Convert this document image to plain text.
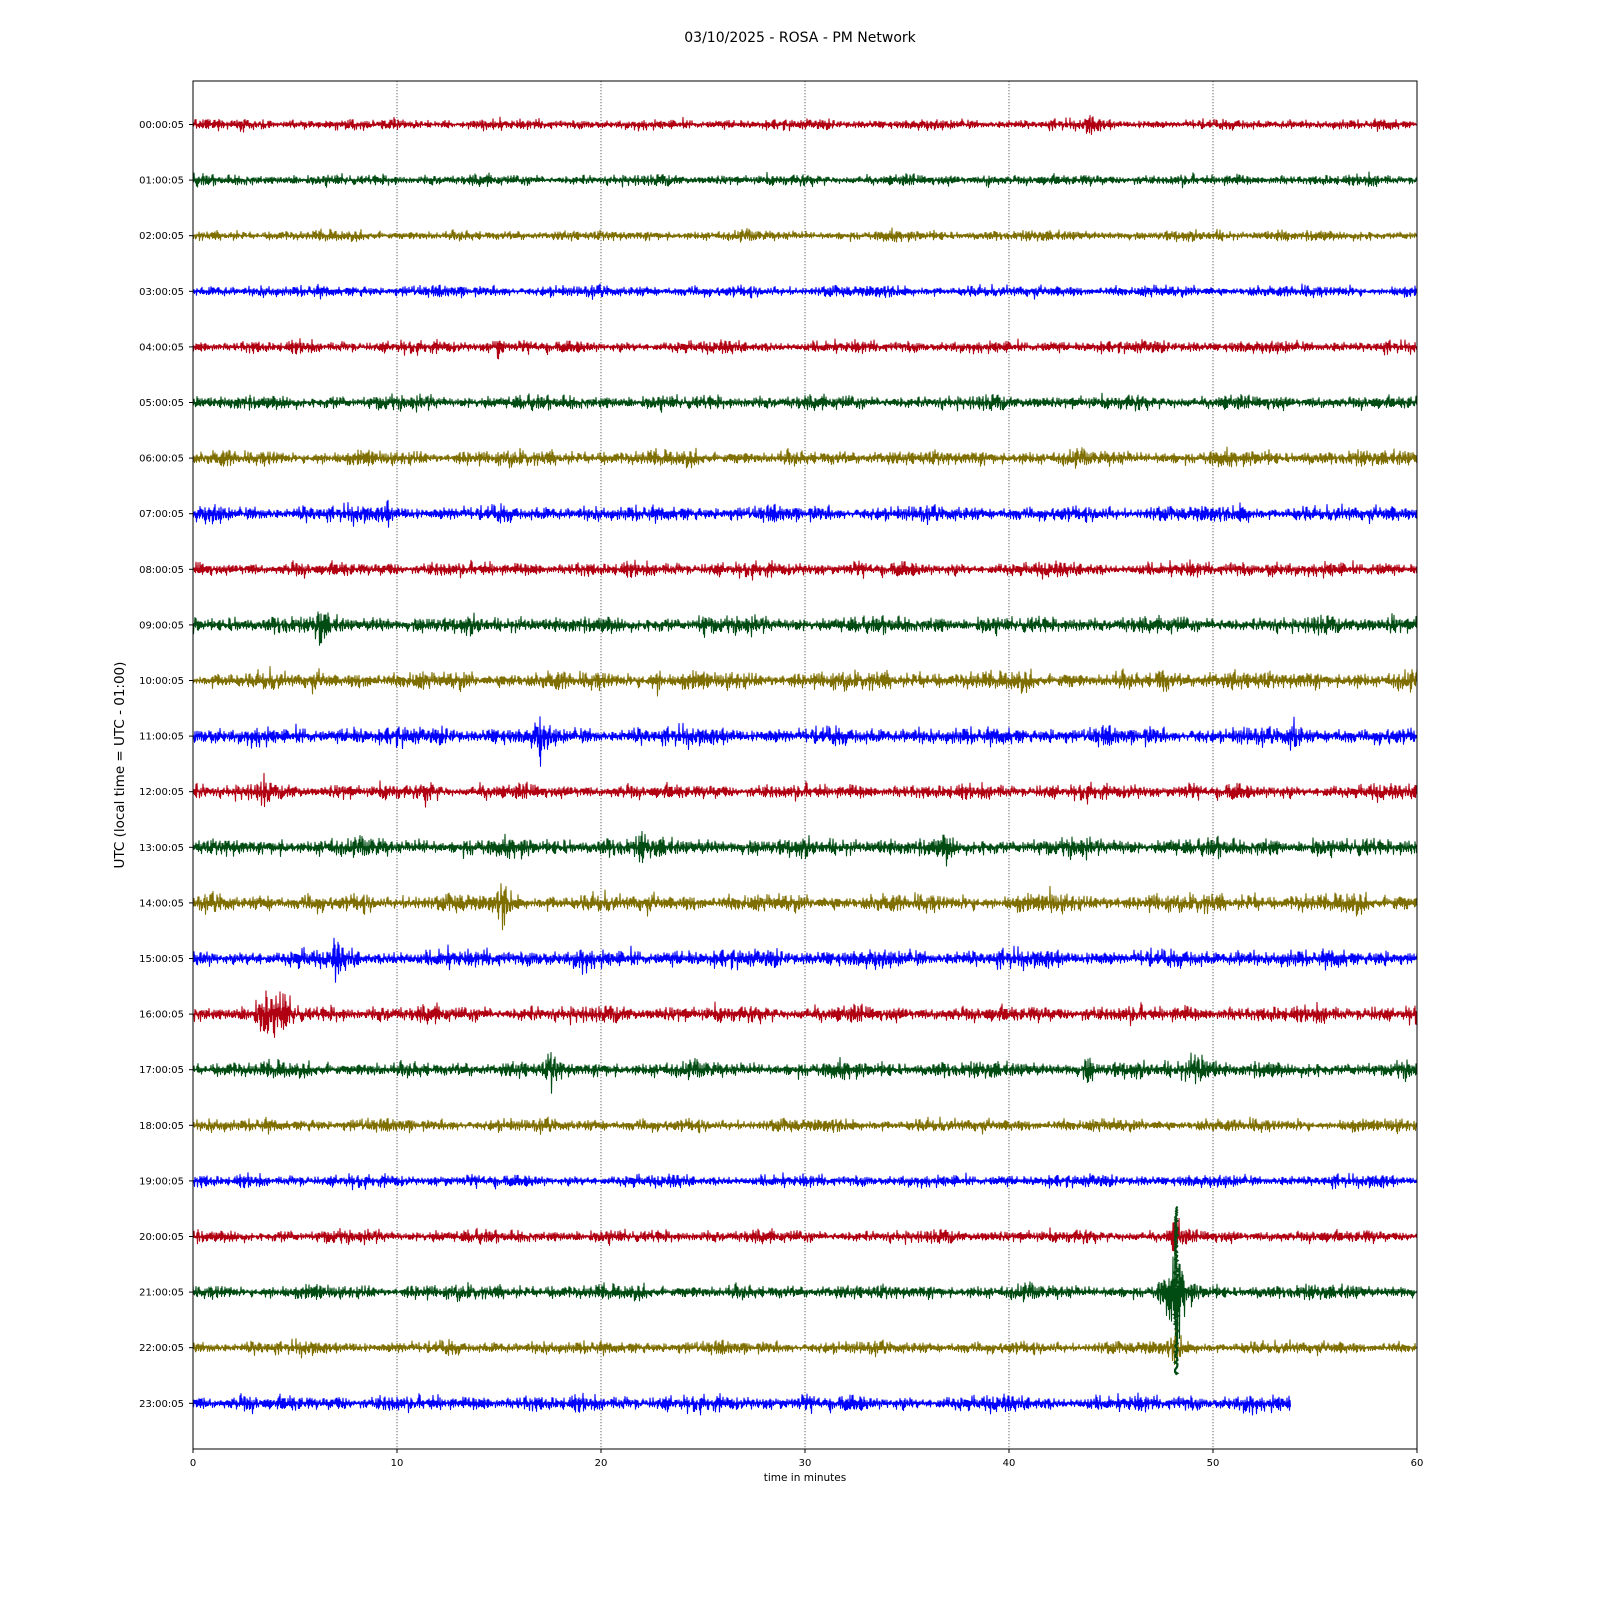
03/10/2025 - ROSA - PM Network
00:00:05
01:00:05
02:00:05
03:00:05
04:00:05
05:00:05
06:00:05
07:00:05
08:00:05
09:00:05
10:00:05
11:00:05
12:00:05
13:00:05
14:00:05
15:00:05
16:00:05
17:00:05
18:00:05
19:00:05
20:00:05
21:00:05
22:00:05
23:00:05
0	10	20	30	40	50	60
time in minutes
UTC (local time = UTC - 01:00)
